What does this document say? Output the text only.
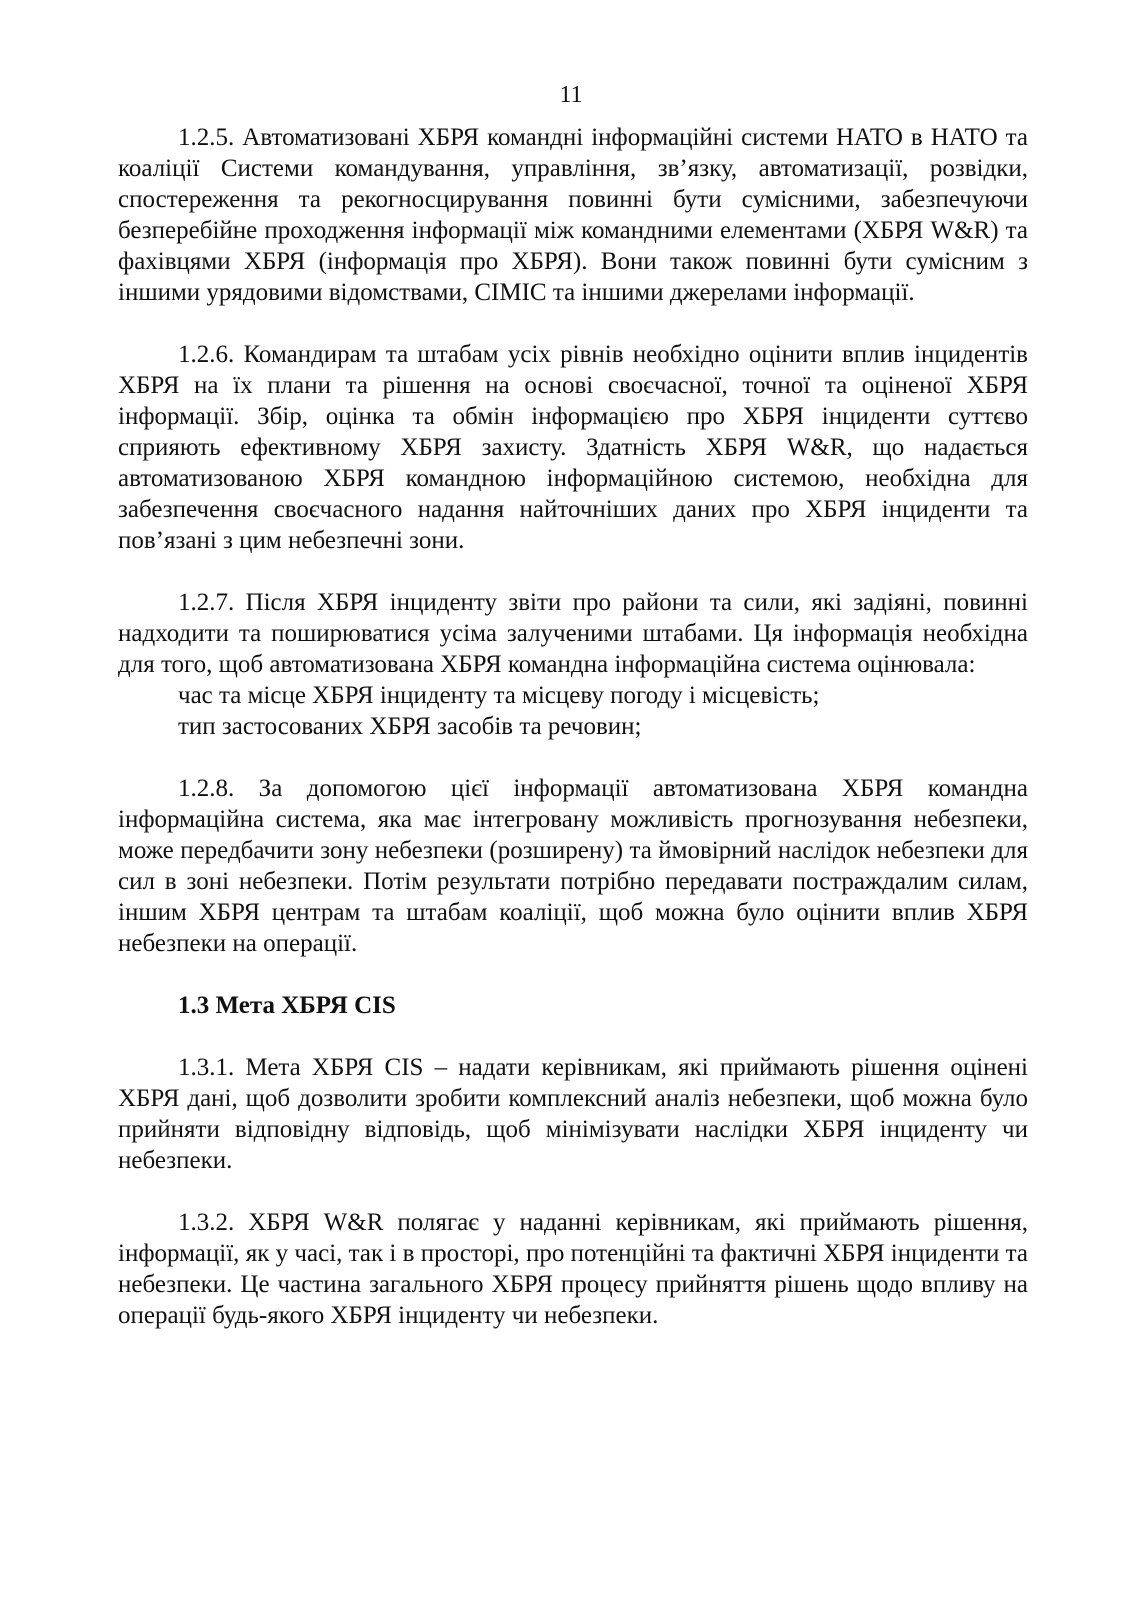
11

1.2.5. Автоматизовані ХБРЯ командні інформаційні системи НАТО в НАТО та коаліції Системи командування, управління, зв’язку, автоматизації, розвідки, спостереження та рекогносцирування повинні бути сумісними, забезпечуючи безперебійне проходження інформації між командними елементами (ХБРЯ W&R) та фахівцями ХБРЯ (інформація про ХБРЯ). Вони також повинні бути сумісним з іншими урядовими відомствами, CIMIC та іншими джерелами інформації.

1.2.6. Командирам та штабам усіх рівнів необхідно оцінити вплив інцидентів ХБРЯ на їх плани та рішення на основі своєчасної, точної та оціненої ХБРЯ інформації. Збір, оцінка та обмін інформацією про ХБРЯ інциденти суттєво сприяють ефективному ХБРЯ захисту. Здатність ХБРЯ W&R, що надається автоматизованою ХБРЯ командною інформаційною системою, необхідна для забезпечення своєчасного надання найточніших даних про ХБРЯ інциденти та пов’язані з цим небезпечні зони.

1.2.7. Після ХБРЯ інциденту звіти про райони та сили, які задіяні, повинні надходити та поширюватися усіма залученими штабами. Ця інформація необхідна для того, щоб автоматизована ХБРЯ командна інформаційна система оцінювала:

час та місце ХБРЯ інциденту та місцеву погоду і місцевість;

тип застосованих ХБРЯ засобів та речовин;

1.2.8. За допомогою цієї інформації автоматизована ХБРЯ командна інформаційна система, яка має інтегровану можливість прогнозування небезпеки, може передбачити зону небезпеки (розширену) та ймовірний наслідок небезпеки для сил в зоні небезпеки. Потім результати потрібно передавати постраждалим силам, іншим ХБРЯ центрам та штабам коаліції, щоб можна було оцінити вплив ХБРЯ небезпеки на операції.

1.3 Мета ХБРЯ CIS

1.3.1. Мета ХБРЯ CIS – надати керівникам, які приймають рішення оцінені ХБРЯ дані, щоб дозволити зробити комплексний аналіз небезпеки, щоб можна було прийняти відповідну відповідь, щоб мінімізувати наслідки ХБРЯ інциденту чи небезпеки.

1.3.2. ХБРЯ W&R полягає у наданні керівникам, які приймають рішення, інформації, як у часі, так і в просторі, про потенційні та фактичні ХБРЯ інциденти та небезпеки. Це частина загального ХБРЯ процесу прийняття рішень щодо впливу на операції будь-якого ХБРЯ інциденту чи небезпеки.
